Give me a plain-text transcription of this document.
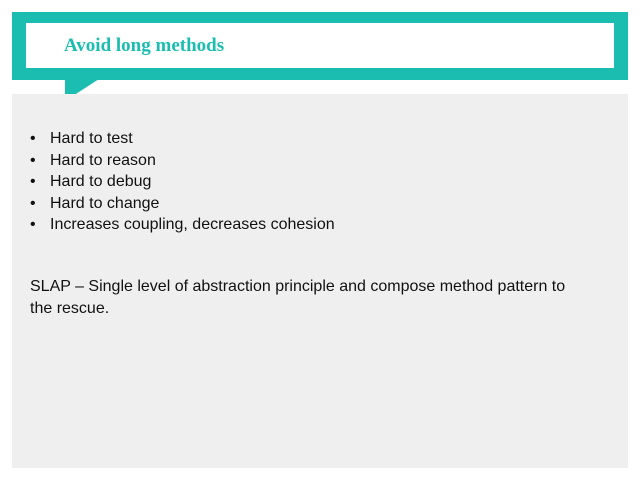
Avoid long methods
• Hard to test
• Hard to reason
• Hard to debug
• Hard to change
• Increases coupling, decreases cohesion

SLAP – Single level of abstraction principle and compose method pattern to the rescue.
